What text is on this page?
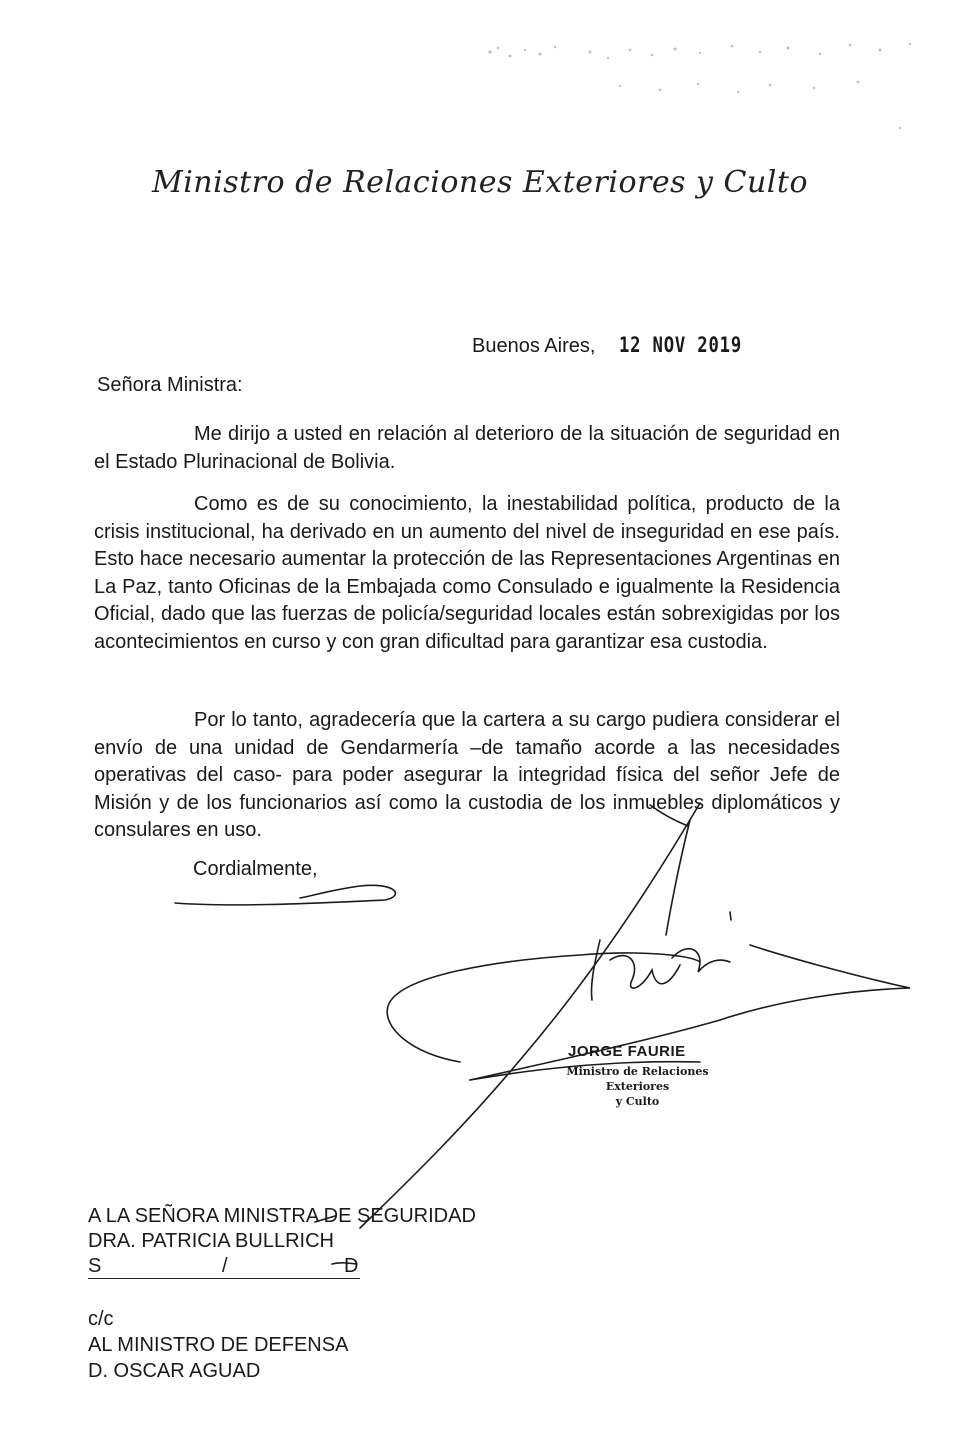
Ministro de Relaciones Exteriores y Culto
Buenos Aires, 12 NOV 2019
Señora Ministra:

Me dirijo a usted en relación al deterioro de la situación de seguridad en el Estado Plurinacional de Bolivia.

Como es de su conocimiento, la inestabilidad política, producto de la crisis institucional, ha derivado en un aumento del nivel de inseguridad en ese país. Esto hace necesario aumentar la protección de las Representaciones Argentinas en La Paz, tanto Oficinas de la Embajada como Consulado e igualmente la Residencia Oficial, dado que las fuerzas de policía/seguridad locales están sobrexigidas por los acontecimientos en curso y con gran dificultad para garantizar esa custodia.

Por lo tanto, agradecería que la cartera a su cargo pudiera considerar el envío de una unidad de Gendarmería –de tamaño acorde a las necesidades operativas del caso- para poder asegurar la integridad física del señor Jefe de Misión y de los funcionarios así como la custodia de los inmuebles diplomáticos y consulares en uso.

Cordialmente,
JORGE FAURIE
Ministro de Relaciones Exteriores
y Culto
A LA SEÑORA MINISTRA DE SEGURIDAD
DRA. PATRICIA BULLRICH
S	/	D
c/c
AL MINISTRO DE DEFENSA
D. OSCAR AGUAD
